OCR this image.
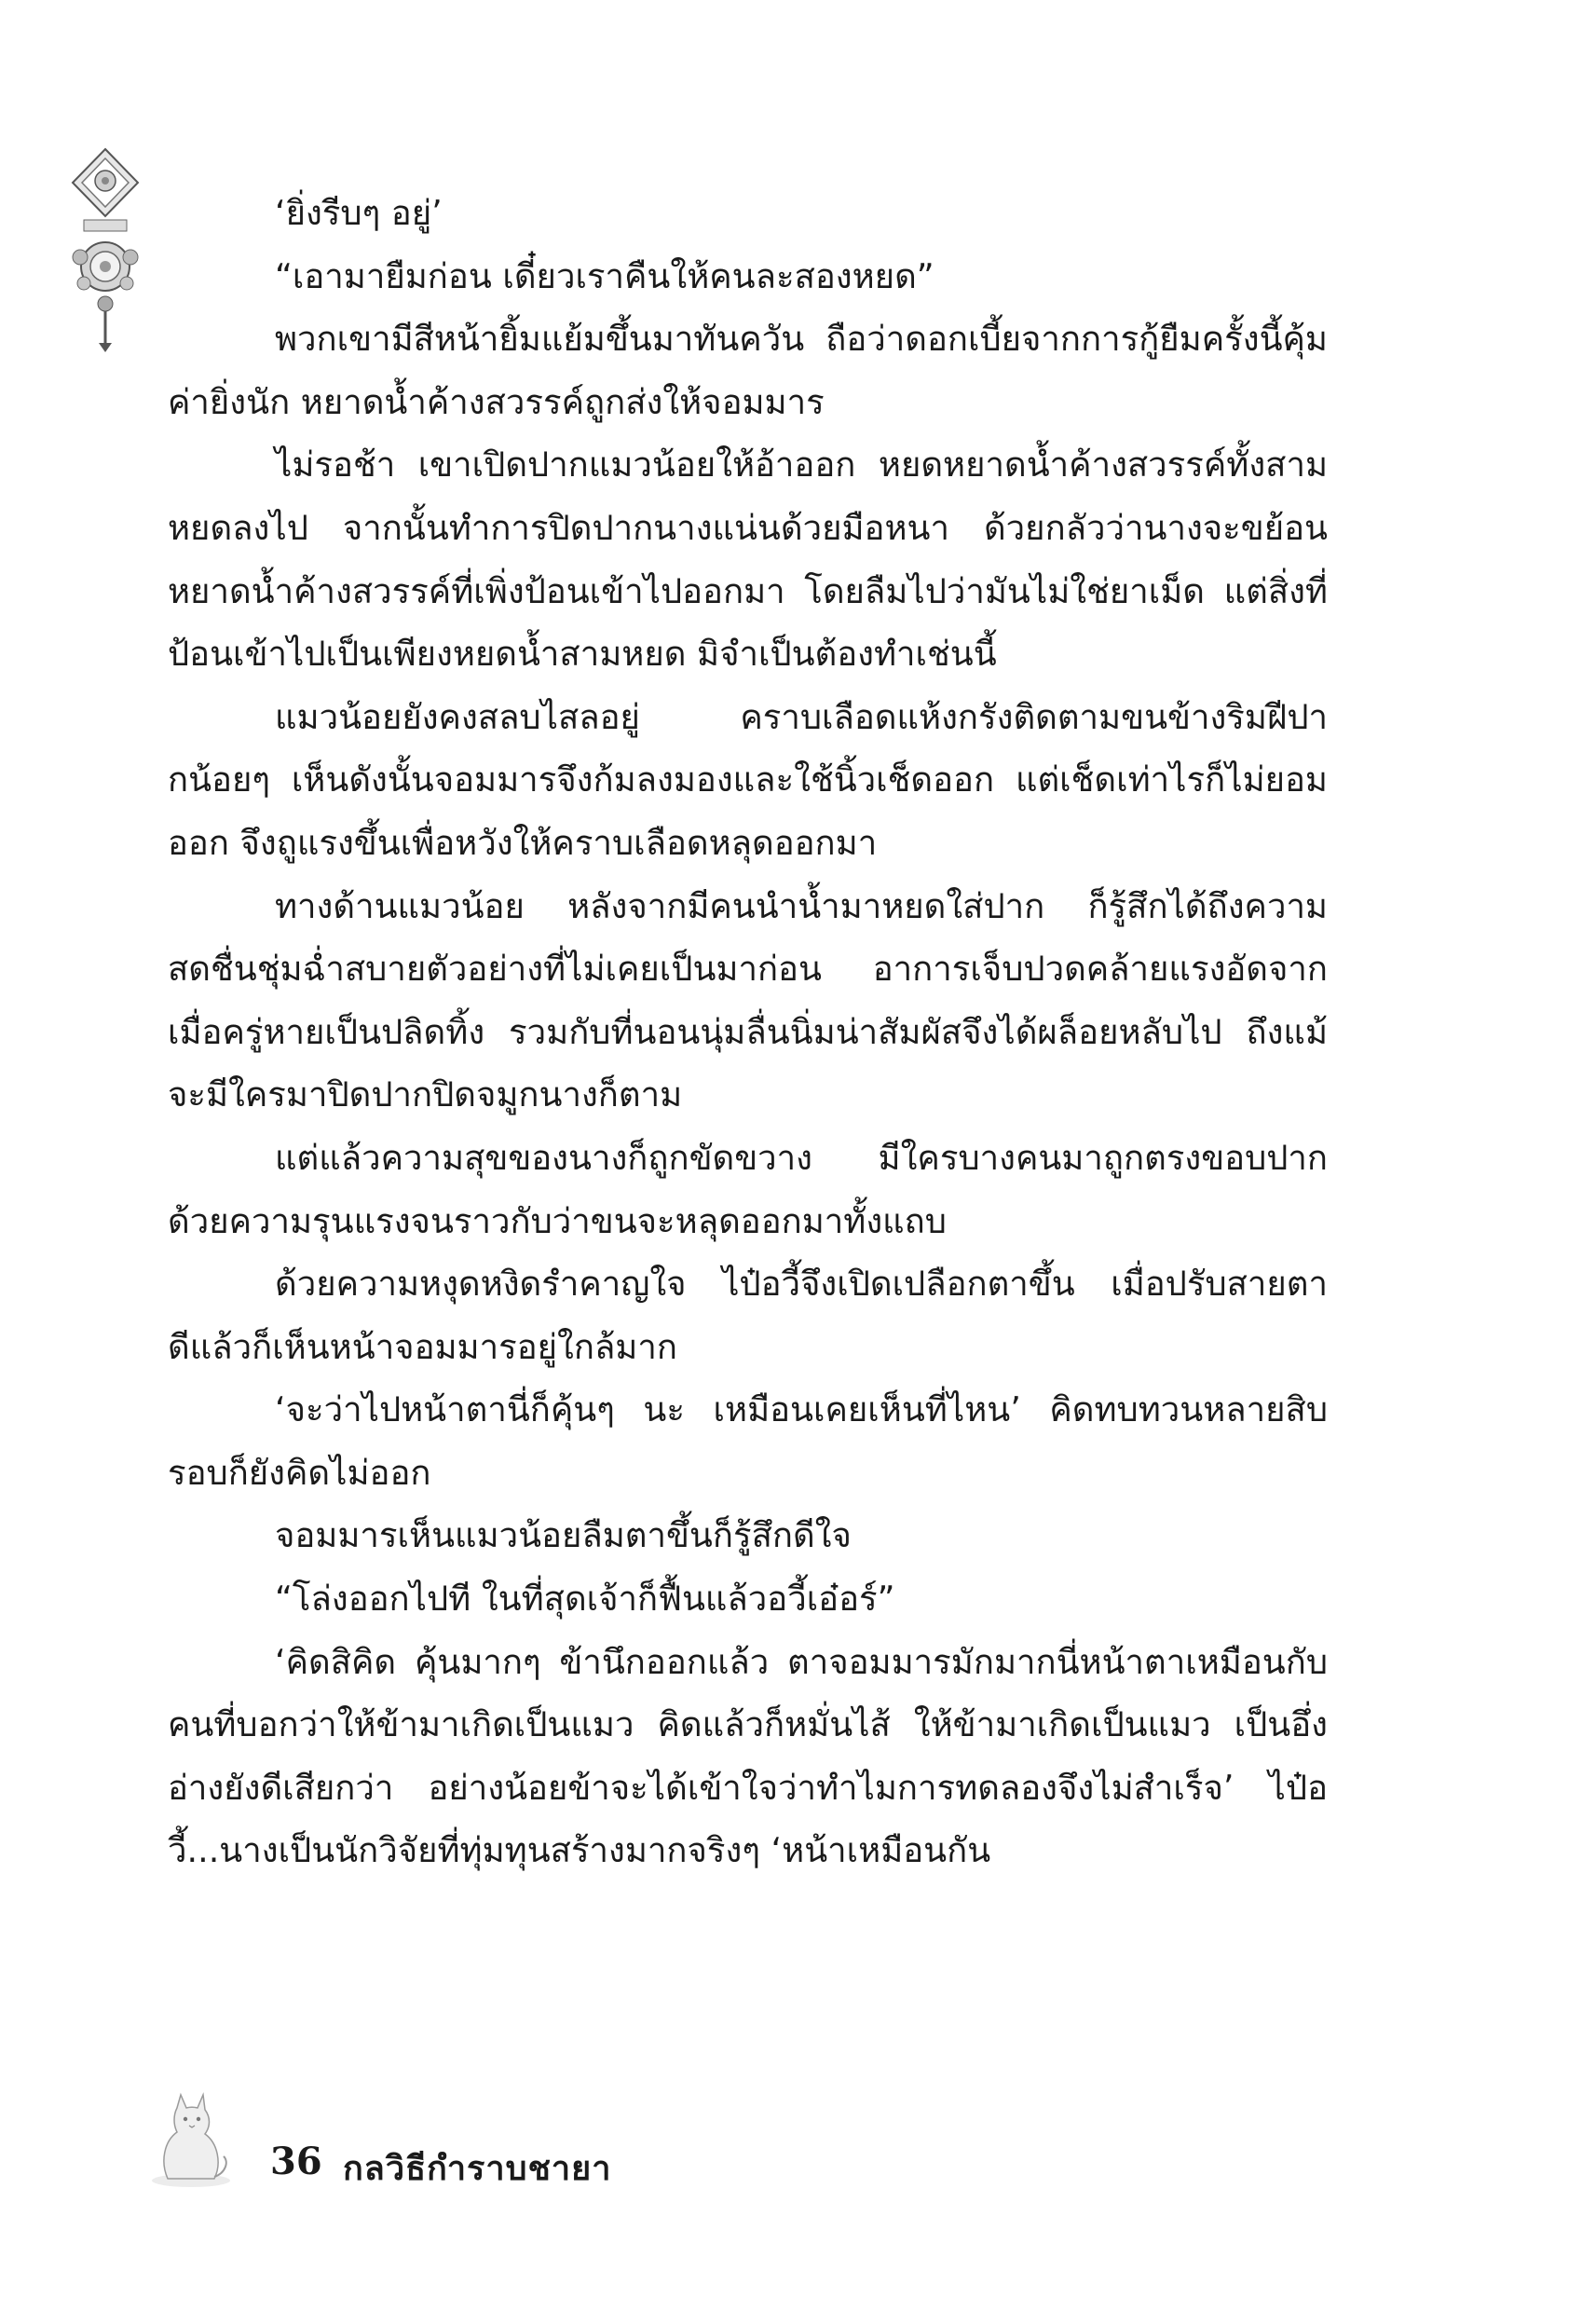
‘ยิ่งรีบๆ อยู่’

“เอามายืมก่อน เดี๋ยวเราคืนให้คนละสองหยด”

พวกเขามีสีหน้ายิ้มแย้มขึ้นมาทันควัน ถือว่าดอกเบี้ยจากการกู้ยืมครั้งนี้คุ้มค่ายิ่งนัก หยาดน้ำค้างสวรรค์ถูกส่งให้จอมมาร

ไม่รอช้า เขาเปิดปากแมวน้อยให้อ้าออก หยดหยาดน้ำค้างสวรรค์ทั้งสามหยดลงไป จากนั้นทำการปิดปากนางแน่นด้วยมือหนา ด้วยกลัวว่านางจะขย้อนหยาดน้ำค้างสวรรค์ที่เพิ่งป้อนเข้าไปออกมา โดยลืมไปว่ามันไม่ใช่ยาเม็ด แต่สิ่งที่ป้อนเข้าไปเป็นเพียงหยดน้ำสามหยด มิจำเป็นต้องทำเช่นนี้

แมวน้อยยังคงสลบไสลอยู่ คราบเลือดแห้งกรังติดตามขนข้างริมฝีปากน้อยๆ เห็นดังนั้นจอมมารจึงก้มลงมองและใช้นิ้วเช็ดออก แต่เช็ดเท่าไรก็ไม่ยอมออก จึงถูแรงขึ้นเพื่อหวังให้คราบเลือดหลุดออกมา

ทางด้านแมวน้อย หลังจากมีคนนำน้ำมาหยดใส่ปาก ก็รู้สึกได้ถึงความสดชื่นชุ่มฉ่ำสบายตัวอย่างที่ไม่เคยเป็นมาก่อน อาการเจ็บปวดคล้ายแรงอัดจากเมื่อครู่หายเป็นปลิดทิ้ง รวมกับที่นอนนุ่มลื่นนิ่มน่าสัมผัสจึงได้ผล็อยหลับไป ถึงแม้จะมีใครมาปิดปากปิดจมูกนางก็ตาม

แต่แล้วความสุขของนางก็ถูกขัดขวาง มีใครบางคนมาถูกตรงขอบปากด้วยความรุนแรงจนราวกับว่าขนจะหลุดออกมาทั้งแถบ

ด้วยความหงุดหงิดรำคาญใจ ไป๋อวี้จึงเปิดเปลือกตาขึ้น เมื่อปรับสายตาดีแล้วก็เห็นหน้าจอมมารอยู่ใกล้มาก

‘จะว่าไปหน้าตานี่ก็คุ้นๆ นะ เหมือนเคยเห็นที่ไหน’ คิดทบทวนหลายสิบรอบก็ยังคิดไม่ออก

จอมมารเห็นแมวน้อยลืมตาขึ้นก็รู้สึกดีใจ

“โล่งออกไปที ในที่สุดเจ้าก็ฟื้นแล้วอวี้เอ๋อร์”

‘คิดสิคิด คุ้นมากๆ ข้านึกออกแล้ว ตาจอมมารมักมากนี่หน้าตาเหมือนกับคนที่บอกว่าให้ข้ามาเกิดเป็นแมว คิดแล้วก็หมั่นไส้ ให้ข้ามาเกิดเป็นแมว เป็นอึ่งอ่างยังดีเสียกว่า อย่างน้อยข้าจะได้เข้าใจว่าทำไมการทดลองจึงไม่สำเร็จ’ ไป๋อวี้...นางเป็นนักวิจัยที่ทุ่มทุนสร้างมากจริงๆ ‘หน้าเหมือนกัน

36 กลวิธีกำราบชายา
